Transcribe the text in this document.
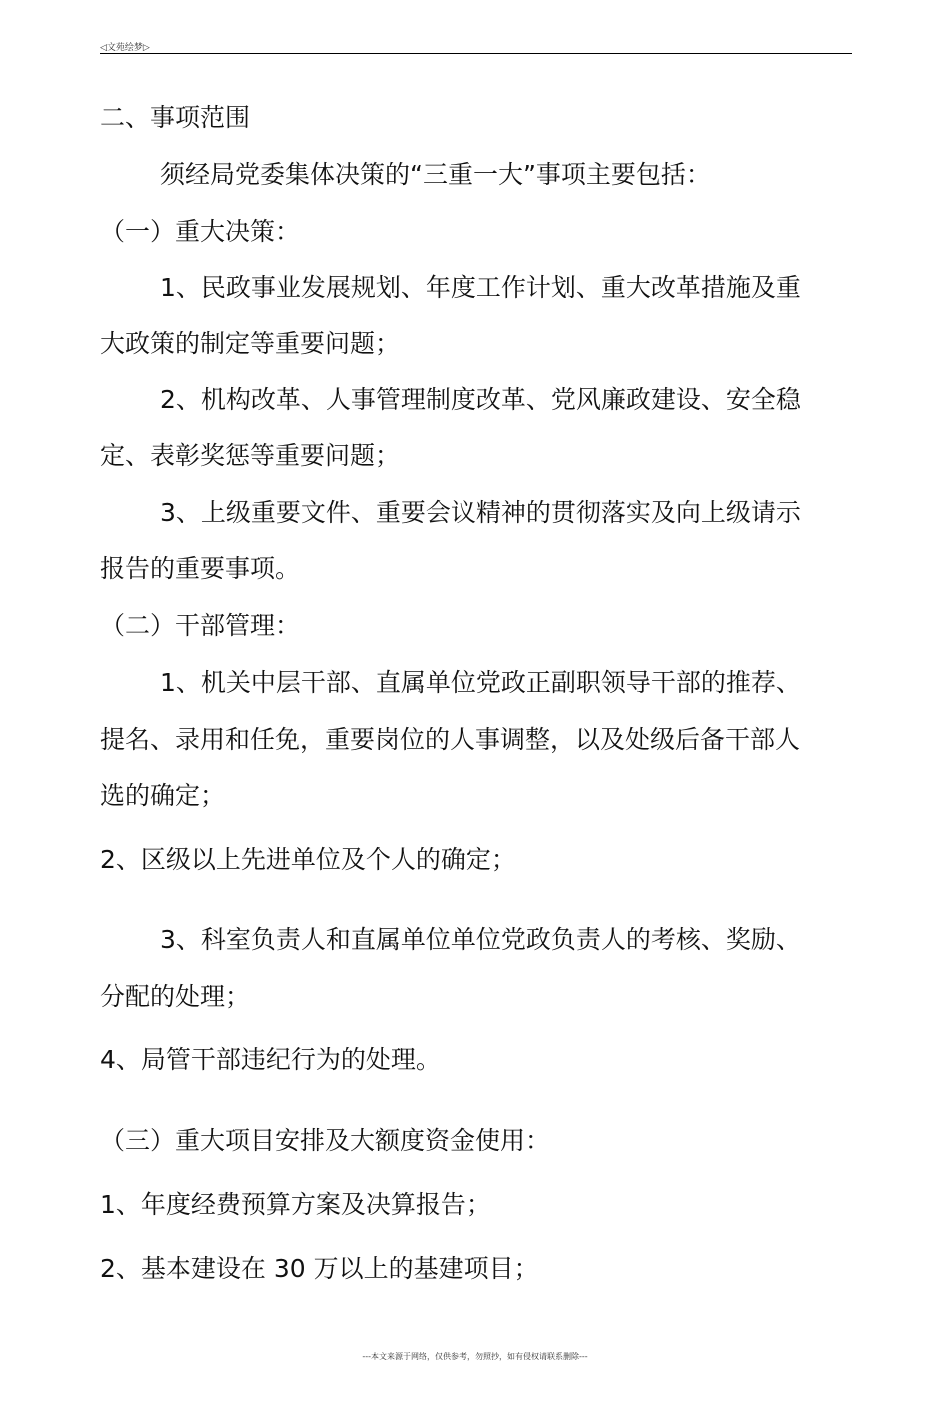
◁文苑绘梦▷
二、事项范围
须经局党委集体决策的“三重一大”事项主要包括：
（一）重大决策：
1、民政事业发展规划、年度工作计划、重大改革措施及重
大政策的制定等重要问题；
2、机构改革、人事管理制度改革、党风廉政建设、安全稳
定、表彰奖惩等重要问题；
3、上级重要文件、重要会议精神的贯彻落实及向上级请示
报告的重要事项。
（二）干部管理：
1、机关中层干部、直属单位党政正副职领导干部的推荐、
提名、录用和任免，重要岗位的人事调整，以及处级后备干部人
选的确定；
2、区级以上先进单位及个人的确定；
3、科室负责人和直属单位单位党政负责人的考核、奖励、
分配的处理；
4、局管干部违纪行为的处理。
（三）重大项目安排及大额度资金使用：
1、年度经费预算方案及决算报告；
2、基本建设在 30 万以上的基建项目；
---本文来源于网络，仅供参考，勿照抄，如有侵权请联系删除---
